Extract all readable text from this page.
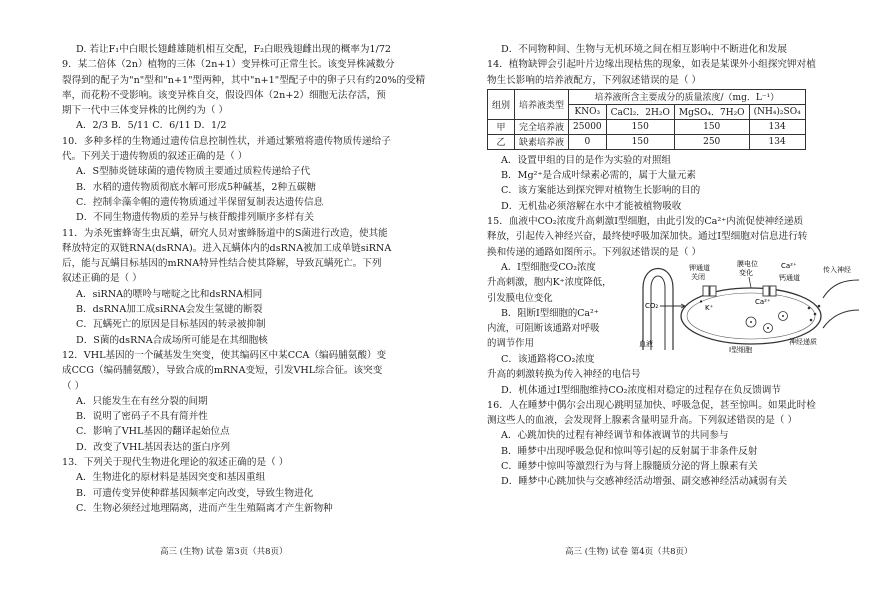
D. 若让F₁中白眼长翅雌雄随机相互交配，F₂白眼残翅雌出现的概率为1/72
9．某二倍体（2n）植物的三体（2n+1）变异株可正常生长。该变异株减数分
裂得到的配子为"n"型和"n+1"型两种，其中"n+1"型配子中的卵子只有约20%的受精
率，而花粉不受影响。该变异株自交，假设四体（2n+2）细胞无法存活，预
期下一代中三体变异株的比例约为（ ）
A．2/3 B．5/11 C．6/11 D．1/2
10．多种多样的生物通过遗传信息控制性状，并通过繁殖将遗传物质传递给子
代。下列关于遗传物质的叙述正确的是（ ）
A．S型肺炎链球菌的遗传物质主要通过质粒传递给子代
B．水稻的遗传物质彻底水解可形成5种碱基，2种五碳糖
C．控制伞藻伞帽的遗传物质通过半保留复制表达遗传信息
D．不同生物遗传物质的差异与核苷酸排列顺序多样有关
11．为杀死蜜蜂寄生虫瓦螨，研究人员对蜜蜂肠道中的S菌进行改造，使其能
释放特定的双链RNA(dsRNA)。进入瓦螨体内的dsRNA被加工成单链siRNA
后，能与瓦螨目标基因的mRNA特异性结合使其降解，导致瓦螨死亡。下列
叙述正确的是（ ）
A．siRNA的嘌呤与嘧啶之比和dsRNA相同
B．dsRNA加工成siRNA会发生氢键的断裂
C．瓦螨死亡的原因是目标基因的转录被抑制
D．S菌的dsRNA合成场所可能是在其细胞核
12．VHL基因的一个碱基发生突变，使其编码区中某CCA（编码脯氨酸）变
成CCG（编码脯氨酸），导致合成的mRNA变短，引发VHL综合征。该突变
（ ）
A．只能发生在有丝分裂的间期
B．说明了密码子不具有简并性
C．影响了VHL基因的翻译起始位点
D．改变了VHL基因表达的蛋白序列
13．下列关于现代生物进化理论的叙述正确的是（ ）
A．生物进化的原材料是基因突变和基因重组
B．可遗传变异使种群基因频率定向改变，导致生物进化
C．生物必须经过地理隔离，进而产生生殖隔离才产生新物种
高三 (生物) 试卷 第3页（共8页）
D．不同物种间、生物与无机环境之间在相互影响中不断进化和发展
14．植物缺钾会引起叶片边缘出现枯焦的现象，如表是某课外小组探究钾对植
物生长影响的培养液配方，下列叙述错误的是（ ）
组别	培养液类型	培养液所含主要成分的质量浓度/（mg．L⁻¹）			
		KNO₃	CaCl₂．2H₂O	MgSO₄．7H₂O	(NH₄)₂SO₄
甲	完全培养液	25000	150	150	134
乙	缺素培养液	0	150	250	134
A．设置甲组的目的是作为实验的对照组
B．Mg²⁺是合成叶绿素必需的，属于大量元素
C．该方案能达到探究钾对植物生长影响的目的
D．无机盐必须溶解在水中才能被植物吸收
15．血液中CO₂浓度升高刺激Ⅰ型细胞，由此引发的Ca²⁺内流促使神经递质
释放，引起传入神经兴奋，最终使呼吸加深加快。通过Ⅰ型细胞对信息进行转
换和传递的通路如图所示。下列叙述错误的是（ ）
A．Ⅰ型细胞受CO₂浓度
升高刺激，胞内K⁺浓度降低，
引发膜电位变化
B．阻断Ⅰ型细胞的Ca²⁺
内流，可阻断该通路对呼吸
的调节作用
CO₂
血液
钾通道
关闭
K⁺
•
膜电位
变化
Ca²⁺
钙通道
Ca²⁺
神经递质
传入神经
Ⅰ型细胞
C．该通路将CO₂浓度
升高的刺激转换为传入神经的电信号
D．机体通过Ⅰ型细胞维持CO₂浓度相对稳定的过程存在负反馈调节
16．人在睡梦中偶尔会出现心跳明显加快、呼吸急促，甚至惊叫。如果此时检
测这些人的血液，会发现肾上腺素含量明显升高。下列叙述错误的是（ ）
A．心跳加快的过程有神经调节和体液调节的共同参与
B．睡梦中出现呼吸急促和惊叫等引起的反射属于非条件反射
C．睡梦中惊叫等激烈行为与肾上腺髓质分泌的肾上腺素有关
D．睡梦中心跳加快与交感神经活动增强、副交感神经活动减弱有关
高三 (生物) 试卷 第4页（共8页）
